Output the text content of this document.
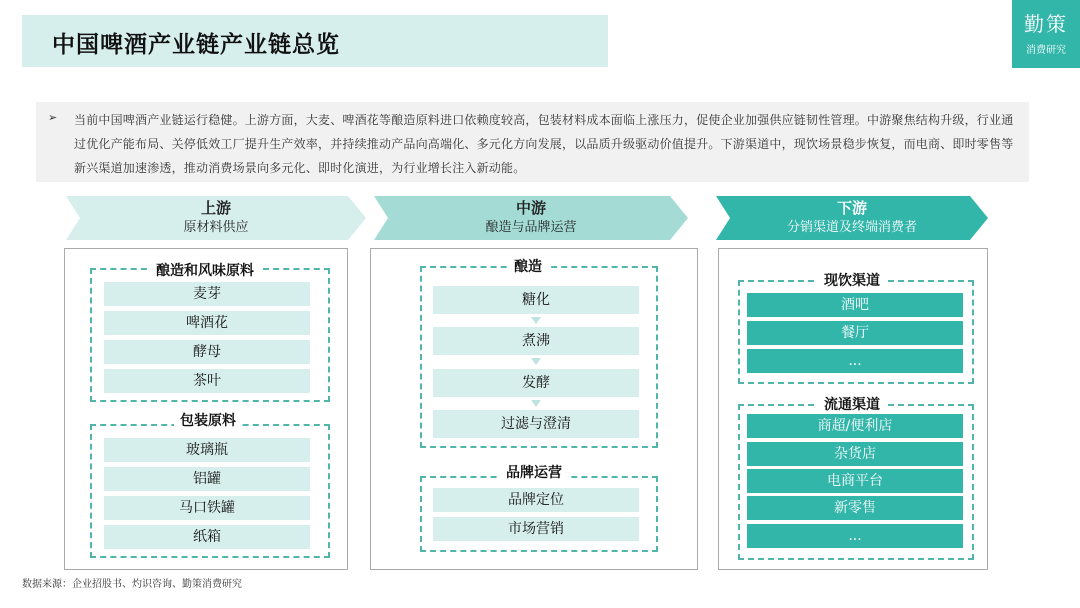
中国啤酒产业链产业链总览
勤策
消费研究
➢ 当前中国啤酒产业链运行稳健。上游方面，大麦、啤酒花等酿造原料进口依赖度较高，包装材料成本面临上涨压力，促使企业加强供应链韧性管理。中游聚焦结构升级，行业通过优化产能布局、关停低效工厂提升生产效率，并持续推动产品向高端化、多元化方向发展，以品质升级驱动价值提升。下游渠道中，现饮场景稳步恢复，而电商、即时零售等新兴渠道加速渗透，推动消费场景向多元化、即时化演进，为行业增长注入新动能。
上游
原材料供应
中游
酿造与品牌运营
下游
分销渠道及终端消费者
酿造和风味原料
麦芽
啤酒花
酵母
茶叶
包装原料
玻璃瓶
铝罐
马口铁罐
纸箱
酿造
糖化
煮沸
发酵
过滤与澄清
品牌运营
品牌定位
市场营销
现饮渠道
酒吧
餐厅
...
流通渠道
商超/便利店
杂货店
电商平台
新零售
...
数据来源：企业招股书、灼识咨询、勤策消费研究
